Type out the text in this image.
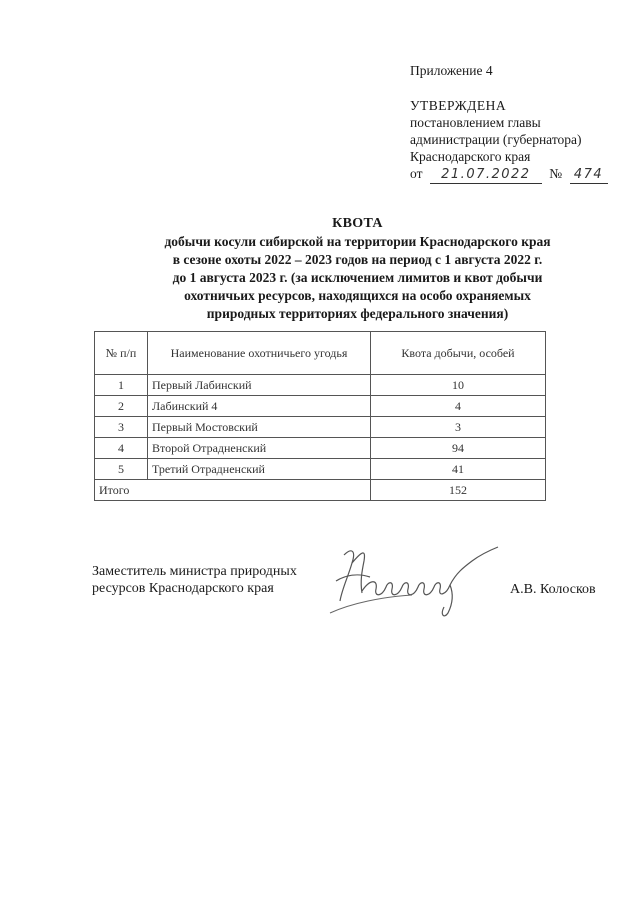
Приложение 4
УТВЕРЖДЕНА
постановлением главы
администрации (губернатора)
Краснодарского края
от 21.07.2022 № 474
КВОТА
добычи косули сибирской на территории Краснодарского края
в сезоне охоты 2022 – 2023 годов на период с 1 августа 2022 г.
до 1 августа 2023 г. (за исключением лимитов и квот добычи
охотничьих ресурсов, находящихся на особо охраняемых
природных территориях федерального значения)
№ п/п	Наименование охотничьего угодья	Квота добычи, особей
1	Первый Лабинский	10
2	Лабинский 4	4
3	Первый Мостовский	3
4	Второй Отрадненский	94
5	Третий Отрадненский	41
Итого		152
Заместитель министра природных
ресурсов Краснодарского края	А.В. Колосков
